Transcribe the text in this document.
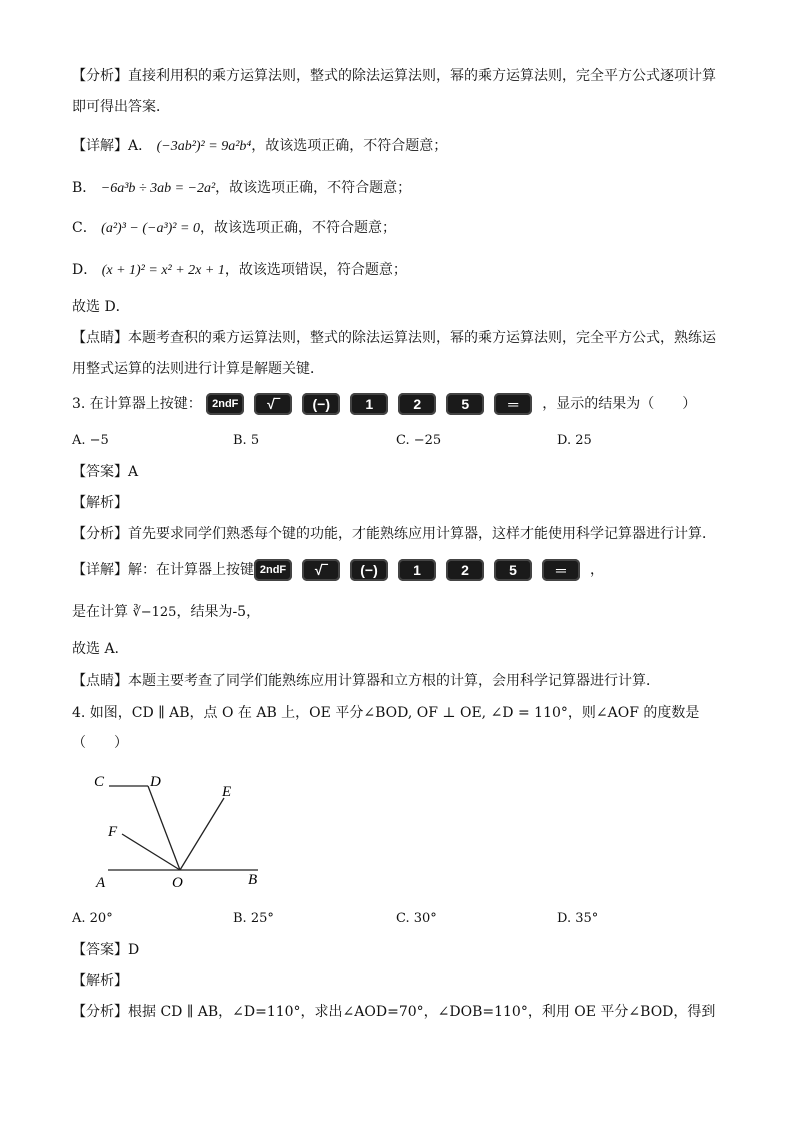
【分析】直接利用积的乘方运算法则，整式的除法运算法则，幂的乘方运算法则，完全平方公式逐项计算
即可得出答案．
【详解】A． (−3ab²)² = 9a²b⁴，故该选项正确，不符合题意；
B． −6a³b ÷ 3ab = −2a²，故该选项正确，不符合题意；
C． (a²)³ − (−a³)² = 0，故该选项正确，不符合题意；
D． (x + 1)² = x² + 2x + 1，故该选项错误，符合题意；
故选 D．
【点睛】本题考查积的乘方运算法则，整式的除法运算法则，幂的乘方运算法则，完全平方公式，熟练运
用整式运算的法则进行计算是解题关键．
3. 在计算器上按键： 2ndF √‾ (−)	1	2	5	═ ，显示的结果为（　　）
A. −5	B. 5	C. −25	D. 25
【答案】A
【解析】
【分析】首先要求同学们熟悉每个键的功能，才能熟练应用计算器，这样才能使用科学记算器进行计算．
【详解】解：在计算器上按键 2ndF √‾ (−)	1	2	5	═ ，
是在计算 ∛−125，结果为-5，
故选 A.
【点睛】本题主要考查了同学们能熟练应用计算器和立方根的计算，会用科学记算器进行计算．
4. 如图，CD ∥ AB，点 O 在 AB 上，OE 平分∠BOD, OF ⊥ OE, ∠D = 110°，则∠AOF 的度数是
（　　）
C	D
E
F
A	O	B
A. 20°	B. 25°	C. 30°	D. 35°
【答案】D
【解析】
【分析】根据 CD ∥ AB，∠D=110°，求出∠AOD=70°，∠DOB=110°，利用 OE 平分∠BOD，得到
